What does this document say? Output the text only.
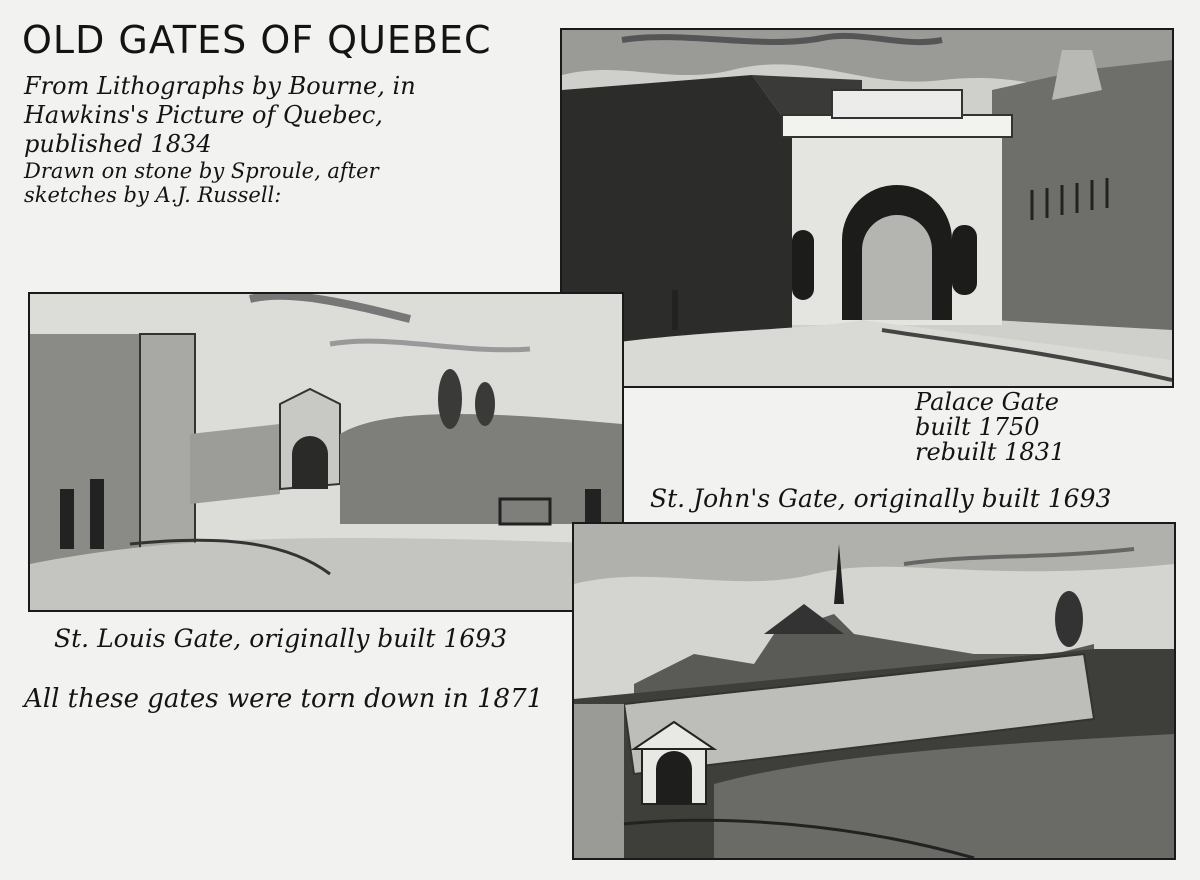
OLD GATES OF QUEBEC
From Lithographs by Bourne, in
Hawkins's Picture of Quebec,
published 1834
Drawn on stone by Sproule, after
sketches by A.J. Russell:
Palace Gate
built 1750
rebuilt 1831
St. John's Gate, originally built 1693
St. Louis Gate, originally built 1693
All these gates were torn down in 1871
